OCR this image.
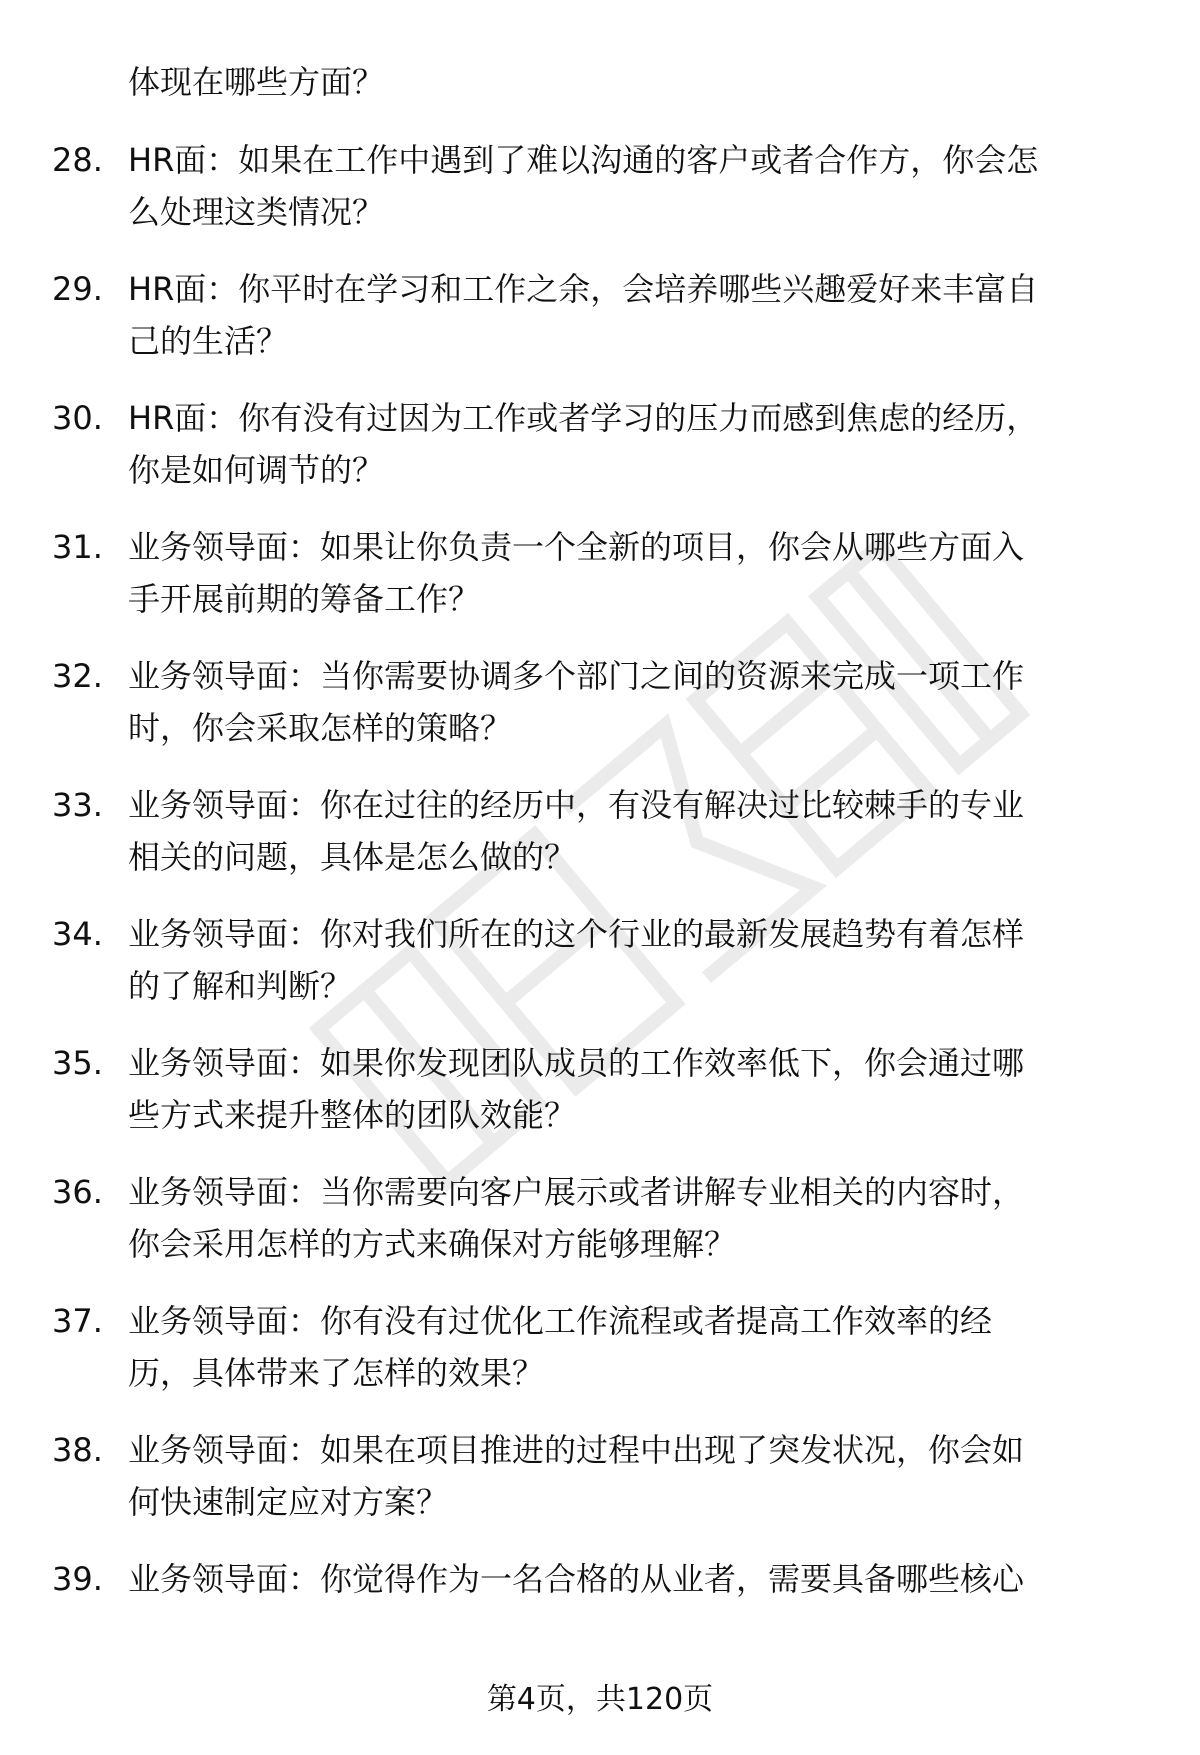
体现在哪些方面？
28. HR面：如果在工作中遇到了难以沟通的客户或者合作方，你会怎
么处理这类情况？
29. HR面：你平时在学习和工作之余，会培养哪些兴趣爱好来丰富自
己的生活？
30. HR面：你有没有过因为工作或者学习的压力而感到焦虑的经历，
你是如何调节的？
31. 业务领导面：如果让你负责一个全新的项目，你会从哪些方面入
手开展前期的筹备工作？
32. 业务领导面：当你需要协调多个部门之间的资源来完成一项工作
时，你会采取怎样的策略？
33. 业务领导面：你在过往的经历中，有没有解决过比较棘手的专业
相关的问题，具体是怎么做的？
34. 业务领导面：你对我们所在的这个行业的最新发展趋势有着怎样
的了解和判断？
35. 业务领导面：如果你发现团队成员的工作效率低下，你会通过哪
些方式来提升整体的团队效能？
36. 业务领导面：当你需要向客户展示或者讲解专业相关的内容时，
你会采用怎样的方式来确保对方能够理解？
37. 业务领导面：你有没有过优化工作流程或者提高工作效率的经
历，具体带来了怎样的效果？
38. 业务领导面：如果在项目推进的过程中出现了突发状况，你会如
何快速制定应对方案？
39. 业务领导面：你觉得作为一名合格的从业者，需要具备哪些核心
第4页，共120页
